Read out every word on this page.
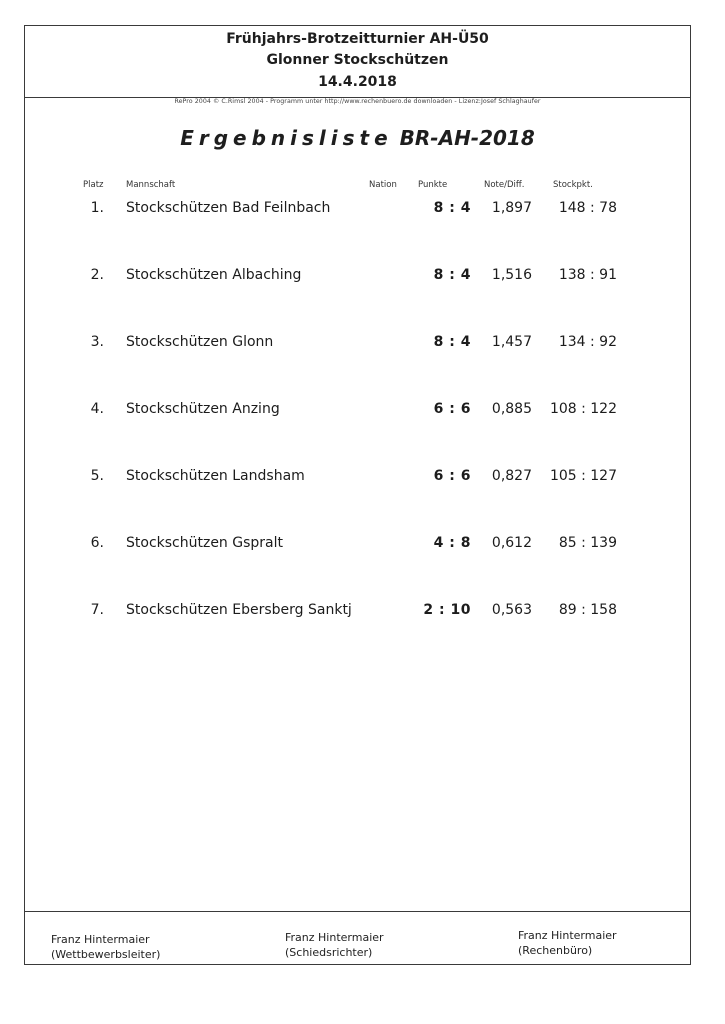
Frühjahrs-Brotzeitturnier AH-Ü50
Glonner Stockschützen
14.4.2018
RePro 2004 © C.Rimsl 2004 - Programm unter http://www.rechenbuero.de downloaden - Lizenz:Josef Schlaghaufer
Ergebnisliste BR-AH-2018
Platz	Mannschaft	Nation Punkte	Note/Diff.	Stockpkt.
1. Stockschützen Bad Feilnbach	8 : 4	1,897	148 : 78
2. Stockschützen Albaching	8 : 4	1,516	138 : 91
3. Stockschützen Glonn	8 : 4	1,457	134 : 92
4. Stockschützen Anzing	6 : 6	0,885	108 : 122
5. Stockschützen Landsham	6 : 6	0,827	105 : 127
6. Stockschützen Gspralt	4 : 8	0,612	85 : 139
7. Stockschützen Ebersberg Sanktj	2 : 10	0,563	89 : 158
Franz Hintermaier
(Wettbewerbsleiter)
Franz Hintermaier
(Schiedsrichter)
Franz Hintermaier
(Rechenbüro)
